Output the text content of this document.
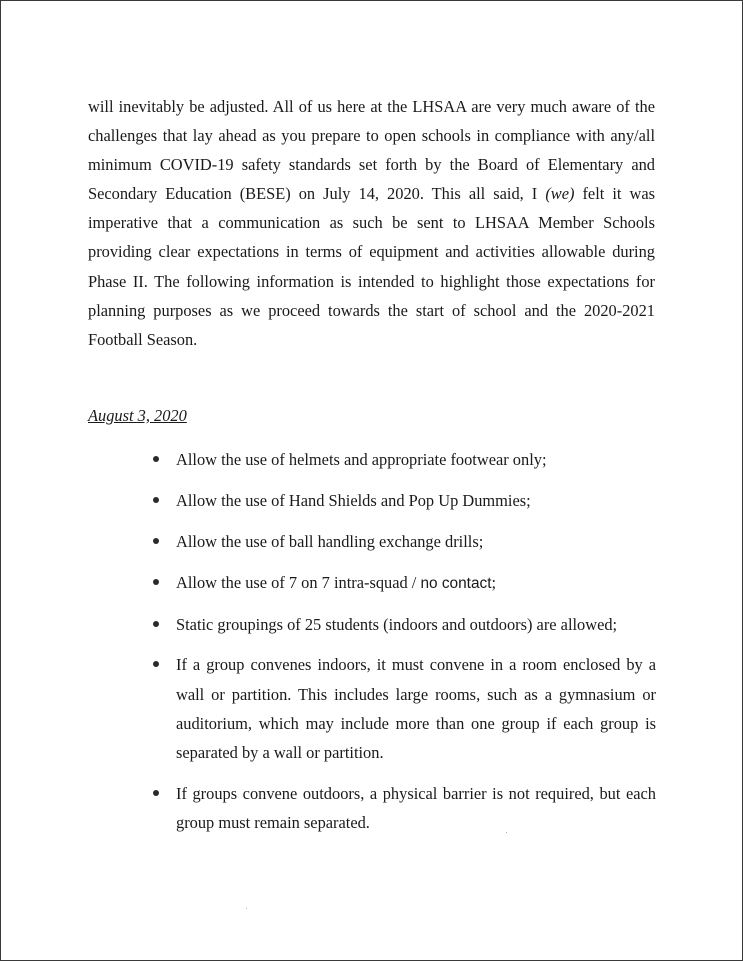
will inevitably be adjusted. All of us here at the LHSAA are very much aware of the challenges that lay ahead as you prepare to open schools in compliance with any/all minimum COVID-19 safety standards set forth by the Board of Elementary and Secondary Education (BESE) on July 14, 2020. This all said, I (we) felt it was imperative that a communication as such be sent to LHSAA Member Schools providing clear expectations in terms of equipment and activities allowable during Phase II. The following information is intended to highlight those expectations for planning purposes as we proceed towards the start of school and the 2020-2021 Football Season.

August 3, 2020

Allow the use of helmets and appropriate footwear only;
Allow the use of Hand Shields and Pop Up Dummies;
Allow the use of ball handling exchange drills;
Allow the use of 7 on 7 intra-squad / no contact;
Static groupings of 25 students (indoors and outdoors) are allowed;
If a group convenes indoors, it must convene in a room enclosed by a wall or partition. This includes large rooms, such as a gymnasium or auditorium, which may include more than one group if each group is separated by a wall or partition.
If groups convene outdoors, a physical barrier is not required, but each group must remain separated.
